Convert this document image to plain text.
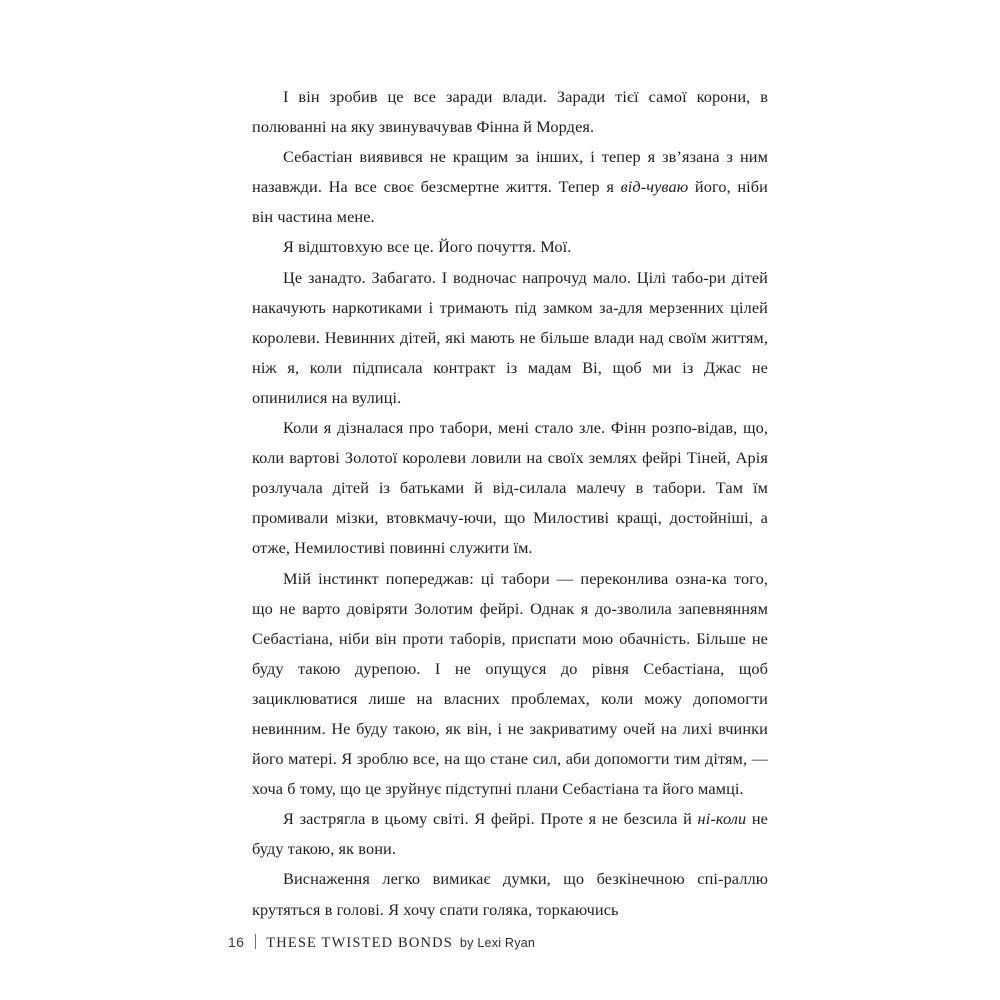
І він зробив це все заради влади. Заради тієї самої корони, в полюванні на яку звинувачував Фінна й Мордея.

Себастіан виявився не кращим за інших, і тепер я зв’язана з ним назавжди. На все своє безсмертне життя. Тепер я від-чуваю його, ніби він частина мене.

Я відштовхую все це. Його почуття. Мої.

Це занадто. Забагато. І водночас напрочуд мало. Цілі табо-ри дітей накачують наркотиками і тримають під замком за-для мерзенних цілей королеви. Невинних дітей, які мають не більше влади над своїм життям, ніж я, коли підписала контракт із мадам Ві, щоб ми із Джас не опинилися на вулиці.

Коли я дізналася про табори, мені стало зле. Фінн розпо-відав, що, коли вартові Золотої королеви ловили на своїх землях фейрі Тіней, Арія розлучала дітей із батьками й від-силала малечу в табори. Там їм промивали мізки, втовкмачу-ючи, що Милостиві кращі, достойніші, а отже, Немилостиві повинні служити їм.

Мій інстинкт попереджав: ці табори — переконлива озна-ка того, що не варто довіряти Золотим фейрі. Однак я до-зволила запевнянням Себастіана, ніби він проти таборів, приспати мою обачність. Більше не буду такою дурепою. І не опущуся до рівня Себастіана, щоб зациклюватися лише на власних проблемах, коли можу допомогти невинним. Не буду такою, як він, і не закриватиму очей на лихі вчинки його матері. Я зроблю все, на що стане сил, аби допомогти тим дітям, — хоча б тому, що це зруйнує підступні плани Себастіана та його мамці.

Я застрягла в цьому світі. Я фейрі. Проте я не безсила й ні-коли не буду такою, як вони.

Виснаження легко вимикає думки, що безкінечною спі-раллю крутяться в голові. Я хочу спати голяка, торкаючись

16 THESE TWISTED BONDS by Lexi Ryan
